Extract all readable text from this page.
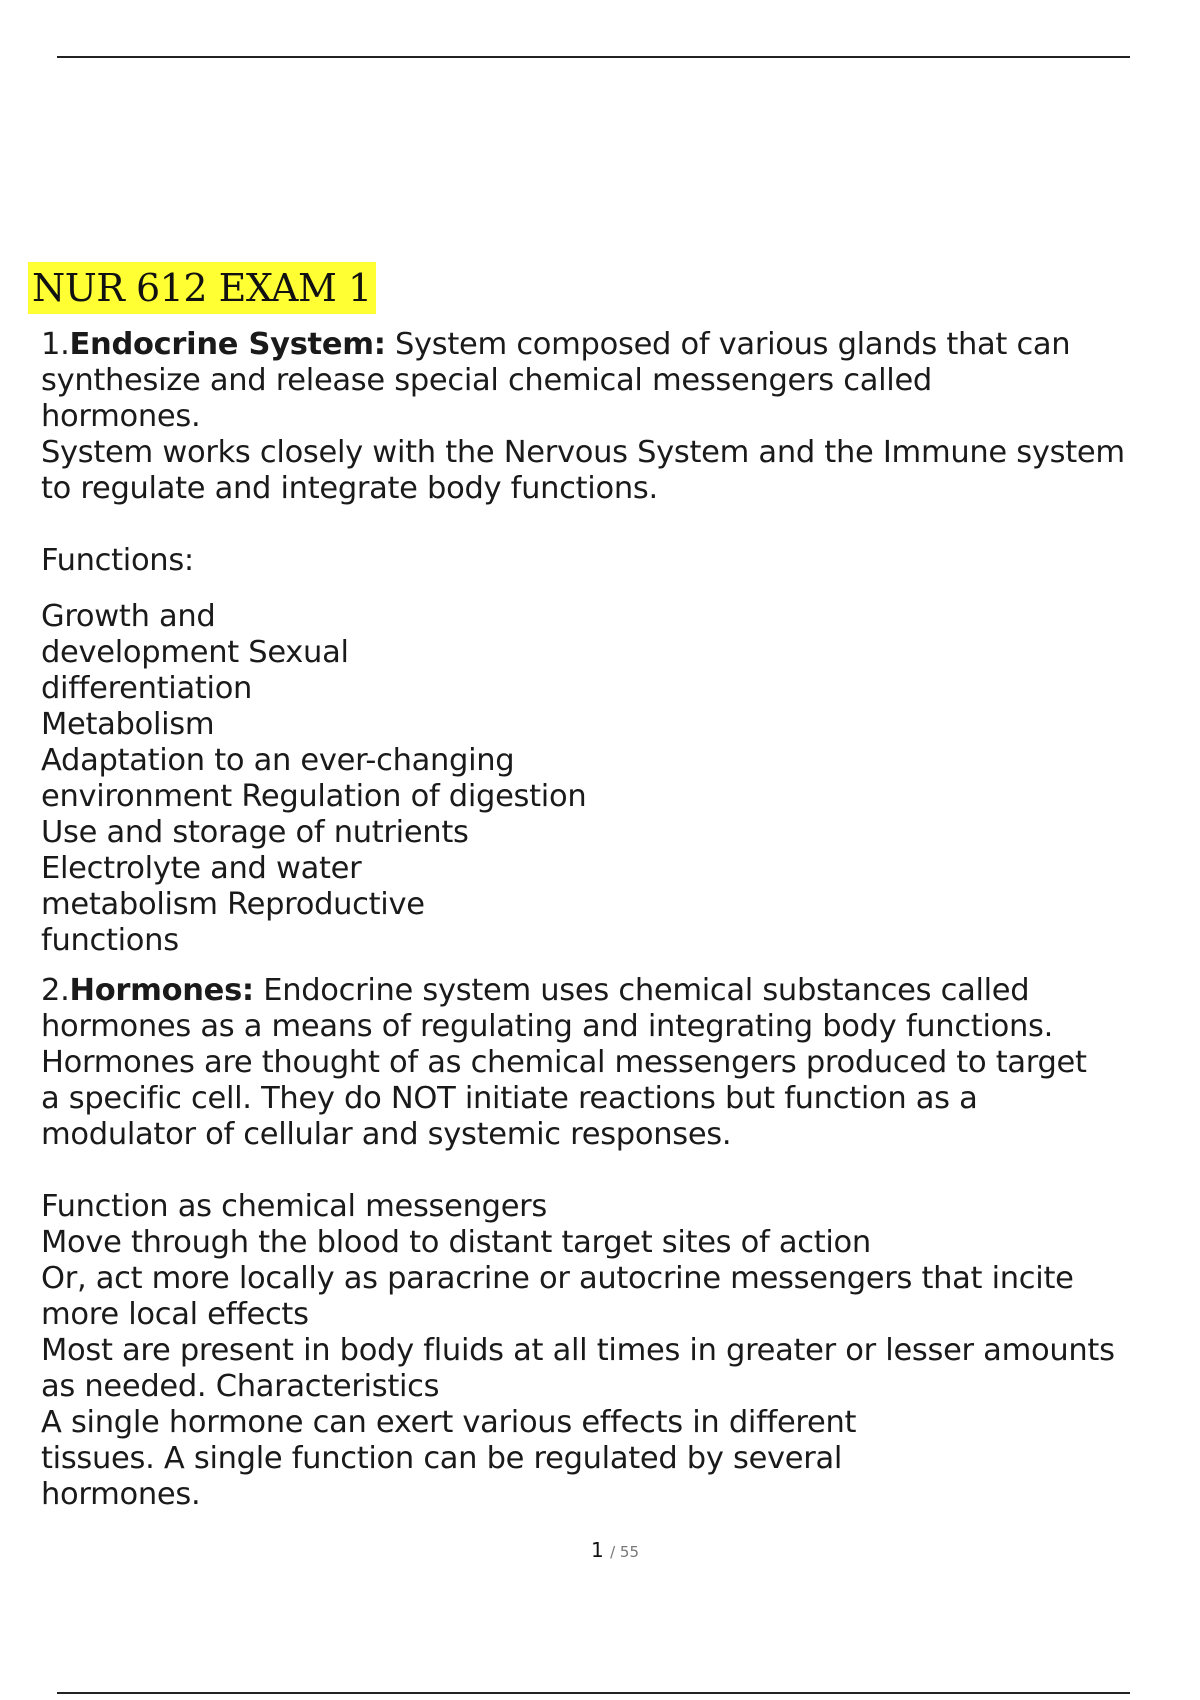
NUR 612 EXAM 1
1.Endocrine System: System composed of various glands that can
synthesize and release special chemical messengers called
hormones.
System works closely with the Nervous System and the Immune system
to regulate and integrate body functions.
Functions:
Growth and
development Sexual
differentiation
Metabolism
Adaptation to an ever-changing
environment Regulation of digestion
Use and storage of nutrients
Electrolyte and water
metabolism Reproductive
functions
2.Hormones: Endocrine system uses chemical substances called
hormones as a means of regulating and integrating body functions.
Hormones are thought of as chemical messengers produced to target
a specific cell. They do NOT initiate reactions but function as a
modulator of cellular and systemic responses.
Function as chemical messengers
Move through the blood to distant target sites of action
Or, act more locally as paracrine or autocrine messengers that incite
more local effects
Most are present in body fluids at all times in greater or lesser amounts
as needed. Characteristics
A single hormone can exert various effects in different
tissues. A single function can be regulated by several
hormones.
1 / 55
